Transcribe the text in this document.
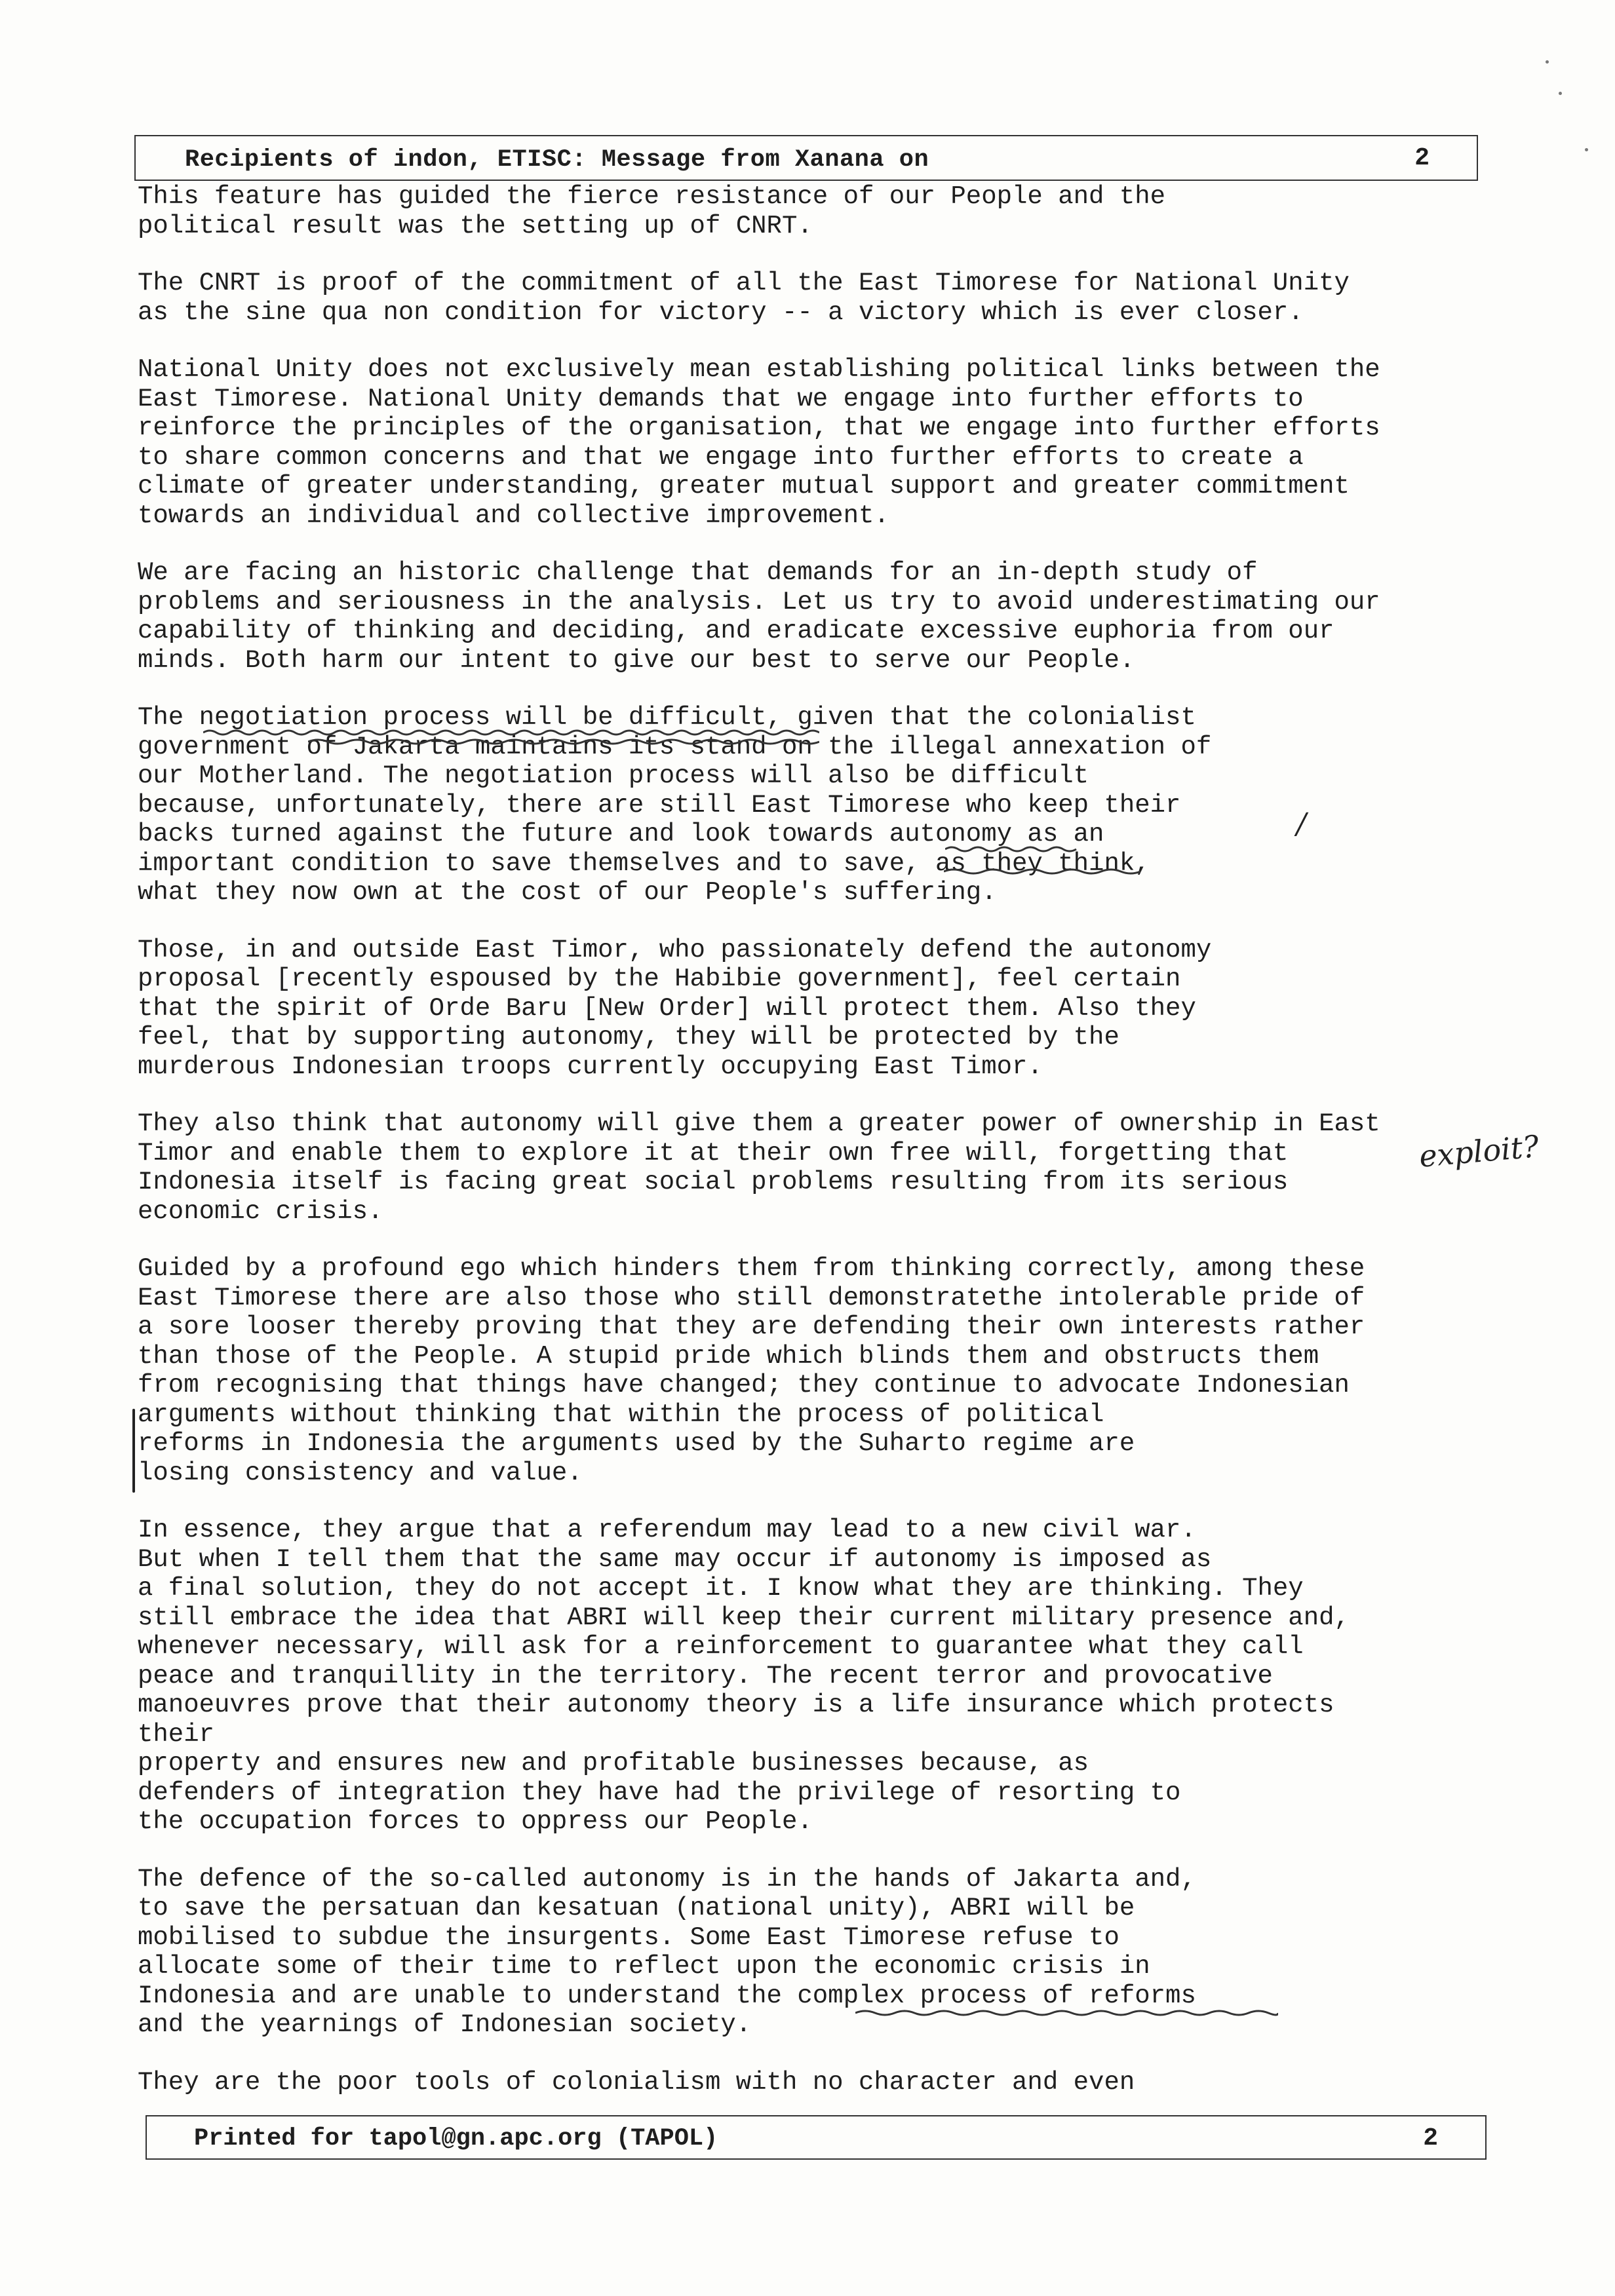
Recipients of indon, ETISC: Message from Xanana on	2
This feature has guided the fierce resistance of our People and the
political result was the setting up of CNRT.
The CNRT is proof of the commitment of all the East Timorese for National Unity
as the sine qua non condition for victory -- a victory which is ever closer.
National Unity does not exclusively mean establishing political links between the
East Timorese. National Unity demands that we engage into further efforts to
reinforce the principles of the organisation, that we engage into further efforts
to share common concerns and that we engage into further efforts to create a
climate of greater understanding, greater mutual support and greater commitment
towards an individual and collective improvement.
We are facing an historic challenge that demands for an in-depth study of
problems and seriousness in the analysis. Let us try to avoid underestimating our
capability of thinking and deciding, and eradicate excessive euphoria from our
minds. Both harm our intent to give our best to serve our People.
The negotiation process will be difficult, given that the colonialist
government of Jakarta maintains its stand on the illegal annexation of
our Motherland. The negotiation process will also be difficult
because, unfortunately, there are still East Timorese who keep their
backs turned against the future and look towards autonomy as an
important condition to save themselves and to save, as they think,
what they now own at the cost of our People's suffering.
Those, in and outside East Timor, who passionately defend the autonomy
proposal [recently espoused by the Habibie government], feel certain
that the spirit of Orde Baru [New Order] will protect them. Also they
feel, that by supporting autonomy, they will be protected by the
murderous Indonesian troops currently occupying East Timor.
They also think that autonomy will give them a greater power of ownership in East
Timor and enable them to explore it at their own free will, forgetting that
Indonesia itself is facing great social problems resulting from its serious
economic crisis.
Guided by a profound ego which hinders them from thinking correctly, among these
East Timorese there are also those who still demonstratethe intolerable pride of
a sore looser thereby proving that they are defending their own interests rather
than those of the People. A stupid pride which blinds them and obstructs them
from recognising that things have changed; they continue to advocate Indonesian
arguments without thinking that within the process of political
reforms in Indonesia the arguments used by the Suharto regime are
losing consistency and value.
In essence, they argue that a referendum may lead to a new civil war.
But when I tell them that the same may occur if autonomy is imposed as
a final solution, they do not accept it. I know what they are thinking. They
still embrace the idea that ABRI will keep their current military presence and,
whenever necessary, will ask for a reinforcement to guarantee what they call
peace and tranquillity in the territory. The recent terror and provocative
manoeuvres prove that their autonomy theory is a life insurance which protects
their
property and ensures new and profitable businesses because, as
defenders of integration they have had the privilege of resorting to
the occupation forces to oppress our People.
The defence of the so-called autonomy is in the hands of Jakarta and,
to save the persatuan dan kesatuan (national unity), ABRI will be
mobilised to subdue the insurgents. Some East Timorese refuse to
allocate some of their time to reflect upon the economic crisis in
Indonesia and are unable to understand the complex process of reforms
and the yearnings of Indonesian society.
They are the poor tools of colonialism with no character and even
exploit?
/
Printed for tapol@gn.apc.org (TAPOL)	2
